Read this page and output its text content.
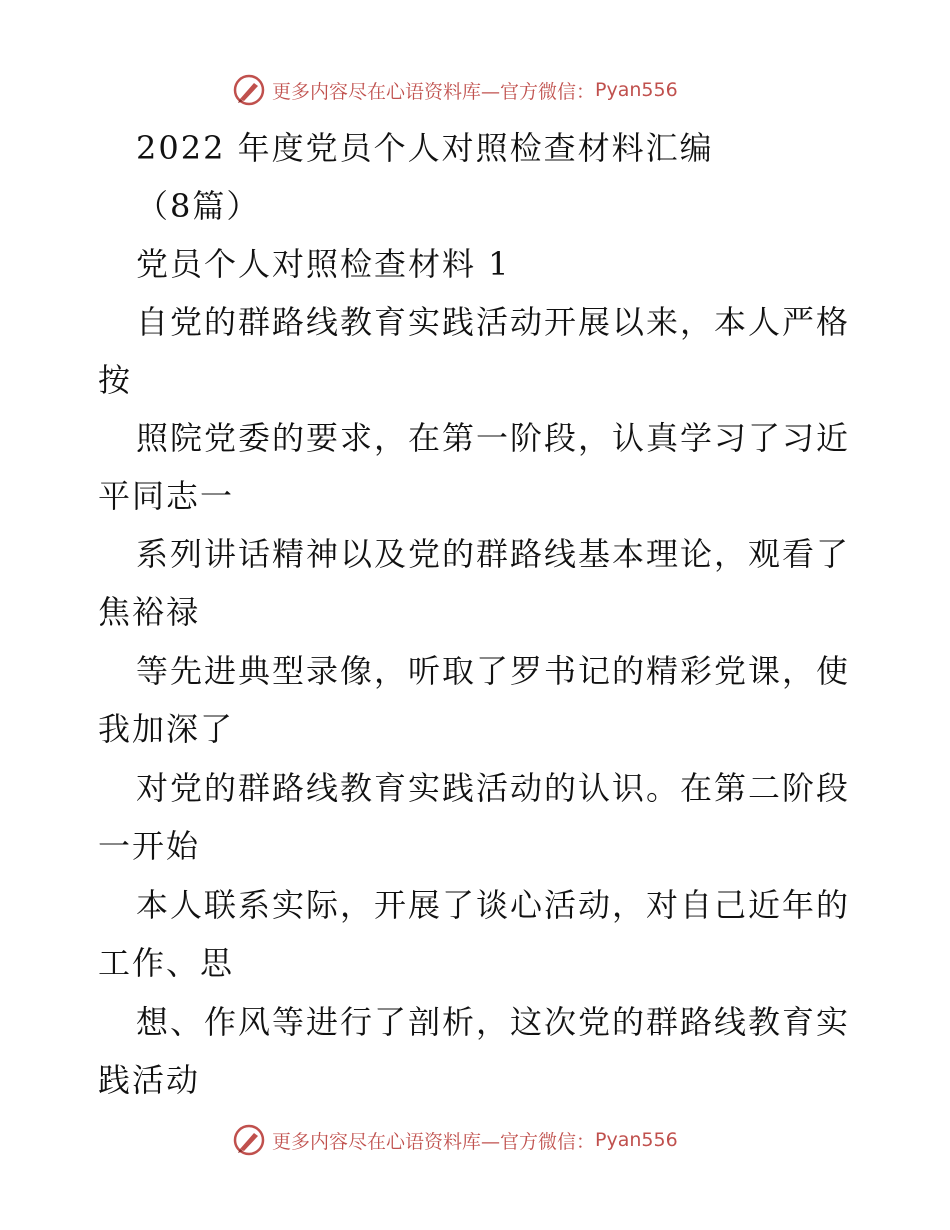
更多内容尽在心语资料库—官方微信： Pyan556
2022 年度党员个人对照检查材料汇编
（8篇）
党员个人对照检查材料 1
自党的群路线教育实践活动开展以来，本人严格
按
照院党委的要求，在第一阶段，认真学习了习近
平同志一
系列讲话精神以及党的群路线基本理论，观看了
焦裕禄
等先进典型录像，听取了罗书记的精彩党课，使
我加深了
对党的群路线教育实践活动的认识。在第二阶段
一开始
本人联系实际，开展了谈心活动，对自己近年的
工作、思
想、作风等进行了剖析，这次党的群路线教育实
践活动
更多内容尽在心语资料库—官方微信： Pyan556
